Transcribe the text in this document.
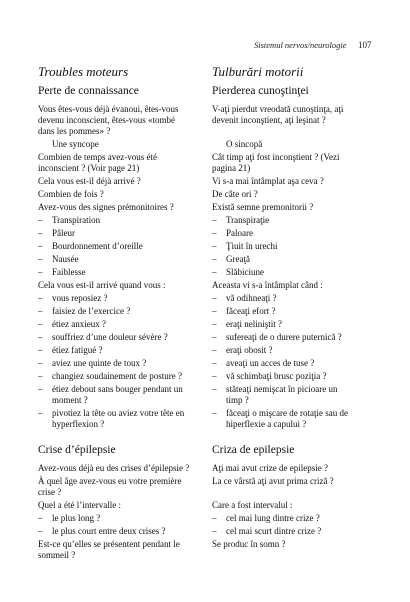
Sistemul nervos/neurologie 107
Troubles moteurs
Perte de connaissance
Vous êtes-vous déjà évanoui, êtes-vous
devenu inconscient, êtes-vous «tombé
dans les pommes» ?
Une syncope
Combien de temps avez-vous été
inconscient ? (Voir page 21)
Cela vous est-il déjà arrivé ?
Combien de fois ?
Avez-vous des signes prémonitoires ?
– Transpiration
– Pâleur
– Bourdonnement d’oreille
– Nausée
– Faiblesse
Cela vous est-il arrivé quand vous :
– vous reposiez ?
– faisiez de l’exercice ?
– étiez anxieux ?
– souffriez d’une douleur sévère ?
– étiez fatigué ?
– aviez une quinte de toux ?
– changiez soudainement de posture ?
– étiez debout sans bouger pendant un
moment ?
– pivotiez la tête ou aviez votre tête en
hyperflexion ?
Crise d’épilepsie
Avez-vous déjà eu des crises d’épilepsie ?
À quel âge avez-vous eu votre première
crise ?
Quel a été l’intervalle :
– le plus long ?
– le plus court entre deux crises ?
Est-ce qu’elles se présentent pendant le
sommeil ?
Tulburări motorii
Pierderea cunoştinţei
V-aţi pierdut vreodată cunoştinţa, aţi
devenit inconştient, aţi leşinat ?
O sincopă
Cât timp aţi fost inconştient ? (Vezi
pagina 21)
Vi s-a mai întâmplat aşa ceva ?
De câte ori ?
Există semne premonitorii ?
– Transpiraţie
– Paloare
– Ţiuit în urechi
– Greaţă
– Slăbiciune
Aceasta vi s-a întâmplat când :
– vă odihneaţi ?
– făceaţi efort ?
– eraţi neliniştit ?
– sufereaţi de o durere puternică ?
– eraţi obosit ?
– aveaţi un acces de tuse ?
– vă schimbaţi brusc poziţia ?
– stăteaţi nemişcat în picioare un
timp ?
– făceaţi o mişcare de rotaţie sau de
hiperflexie a capului ?
Criza de epilepsie
Aţi mai avut crize de epilepsie ?
La ce vârstă aţi avut prima criză ?
Care a fost intervalul :
– cel mai lung dintre crize ?
– cel mai scurt dintre crize ?
Se produc în somn ?
